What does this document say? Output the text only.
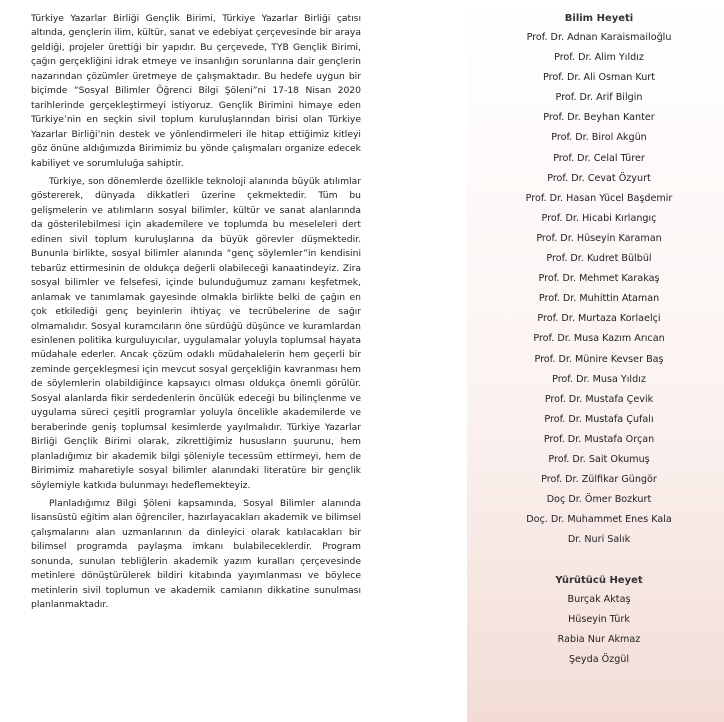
Türkiye Yazarlar Birliği Gençlik Birimi, Türkiye Yazarlar Birliği çatısı altında, gençlerin ilim, kültür, sanat ve edebiyat çerçevesinde bir araya geldiği, projeler ürettiği bir yapıdır. Bu çerçevede, TYB Gençlik Birimi, çağın gerçekliğini idrak etmeye ve insanlığın sorunlarına dair gençlerin nazarından çözümler üretmeye de çalışmaktadır. Bu hedefe uygun bir biçimde “Sosyal Bilimler Öğrenci Bilgi Şöleni”ni 17-18 Nisan 2020 tarihlerinde gerçekleştirmeyi istiyoruz. Gençlik Birimini himaye eden Türkiye’nin en seçkin sivil toplum kuruluşlarından birisi olan Türkiye Yazarlar Birliği’nin destek ve yönlendirmeleri ile hitap ettiğimiz kitleyi göz önüne aldığımızda Birimimiz bu yönde çalışmaları organize edecek kabiliyet ve sorumluluğa sahiptir.

Türkiye, son dönemlerde özellikle teknoloji alanında büyük atılımlar göstererek, dünyada dikkatleri üzerine çekmektedir. Tüm bu gelişmelerin ve atılımların sosyal bilimler, kültür ve sanat alanlarında da gösterilebilmesi için akademilere ve toplumda bu meseleleri dert edinen sivil toplum kuruluşlarına da büyük görevler düşmektedir. Bununla birlikte, sosyal bilimler alanında “genç söylemler”in kendisini tebarüz ettirmesinin de oldukça değerli olabileceği kanaatindeyiz. Zira sosyal bilimler ve felsefesi, içinde bulunduğumuz zamanı keşfetmek, anlamak ve tanımlamak gayesinde olmakla birlikte belki de çağın en çok etkilediği genç beyinlerin ihtiyaç ve tecrübelerine de sağır olmamalıdır. Sosyal kuramcıların öne sürdüğü düşünce ve kuramlardan esinlenen politika kurguluyıcılar, uygulamalar yoluyla toplumsal hayata müdahale ederler. Ancak çözüm odaklı müdahalelerin hem geçerli bir zeminde gerçekleşmesi için mevcut sosyal gerçekliğin kavranması hem de söylemlerin olabildiğince kapsayıcı olması oldukça önemli görülür. Sosyal alanlarda fikir serdedenlerin öncülük edeceği bu bilinçlenme ve uygulama süreci çeşitli programlar yoluyla öncelikle akademilerde ve beraberinde geniş toplumsal kesimlerde yayılmalıdır. Türkiye Yazarlar Birliği Gençlik Birimi olarak, zikrettiğimiz hususların şuurunu, hem planladığımız bir akademik bilgi şöleniyle tecessüm ettirmeyi, hem de Birimimiz maharetiyle sosyal bilimler alanındaki literatüre bir gençlik söylemiyle katkıda bulunmayı hedeflemekteyiz.

Planladığımız Bilgi Şöleni kapsamında, Sosyal Bilimler alanında lisansüstü eğitim alan öğrenciler, hazırlayacakları akademik ve bilimsel çalışmalarını alan uzmanlarının da dinleyici olarak katılacakları bir bilimsel programda paylaşma imkanı bulabileceklerdir. Program sonunda, sunulan tebliğlerin akademik yazım kuralları çerçevesinde metinlere dönüştürülerek bildiri kitabında yayımlanması ve böylece metinlerin sivil toplumun ve akademik camianın dikkatine sunulması planlanmaktadır.

Bilim Heyeti
Prof. Dr. Adnan Karaismailoğlu
Prof. Dr. Alim Yıldız
Prof. Dr. Ali Osman Kurt
Prof. Dr. Arif Bilgin
Prof. Dr. Beyhan Kanter
Prof. Dr. Birol Akgün
Prof. Dr. Celal Türer
Prof. Dr. Cevat Özyurt
Prof. Dr. Hasan Yücel Başdemir
Prof. Dr. Hicabi Kırlangıç
Prof. Dr. Hüseyin Karaman
Prof. Dr. Kudret Bülbül
Prof. Dr. Mehmet Karakaş
Prof. Dr. Muhittin Ataman
Prof. Dr. Murtaza Korlaelçi
Prof. Dr. Musa Kazım Arıcan
Prof. Dr. Münire Kevser Baş
Prof. Dr. Musa Yıldız
Prof. Dr. Mustafa Çevik
Prof. Dr. Mustafa Çufalı
Prof. Dr. Mustafa Orçan
Prof. Dr. Sait Okumuş
Prof. Dr. Zülfikar Güngör
Doç Dr. Ömer Bozkurt
Doç. Dr. Muhammet Enes Kala
Dr. Nuri Salık
Yürütücü Heyet
Burçak Aktaş
Hüseyin Türk
Rabia Nur Akmaz
Şeyda Özgül
